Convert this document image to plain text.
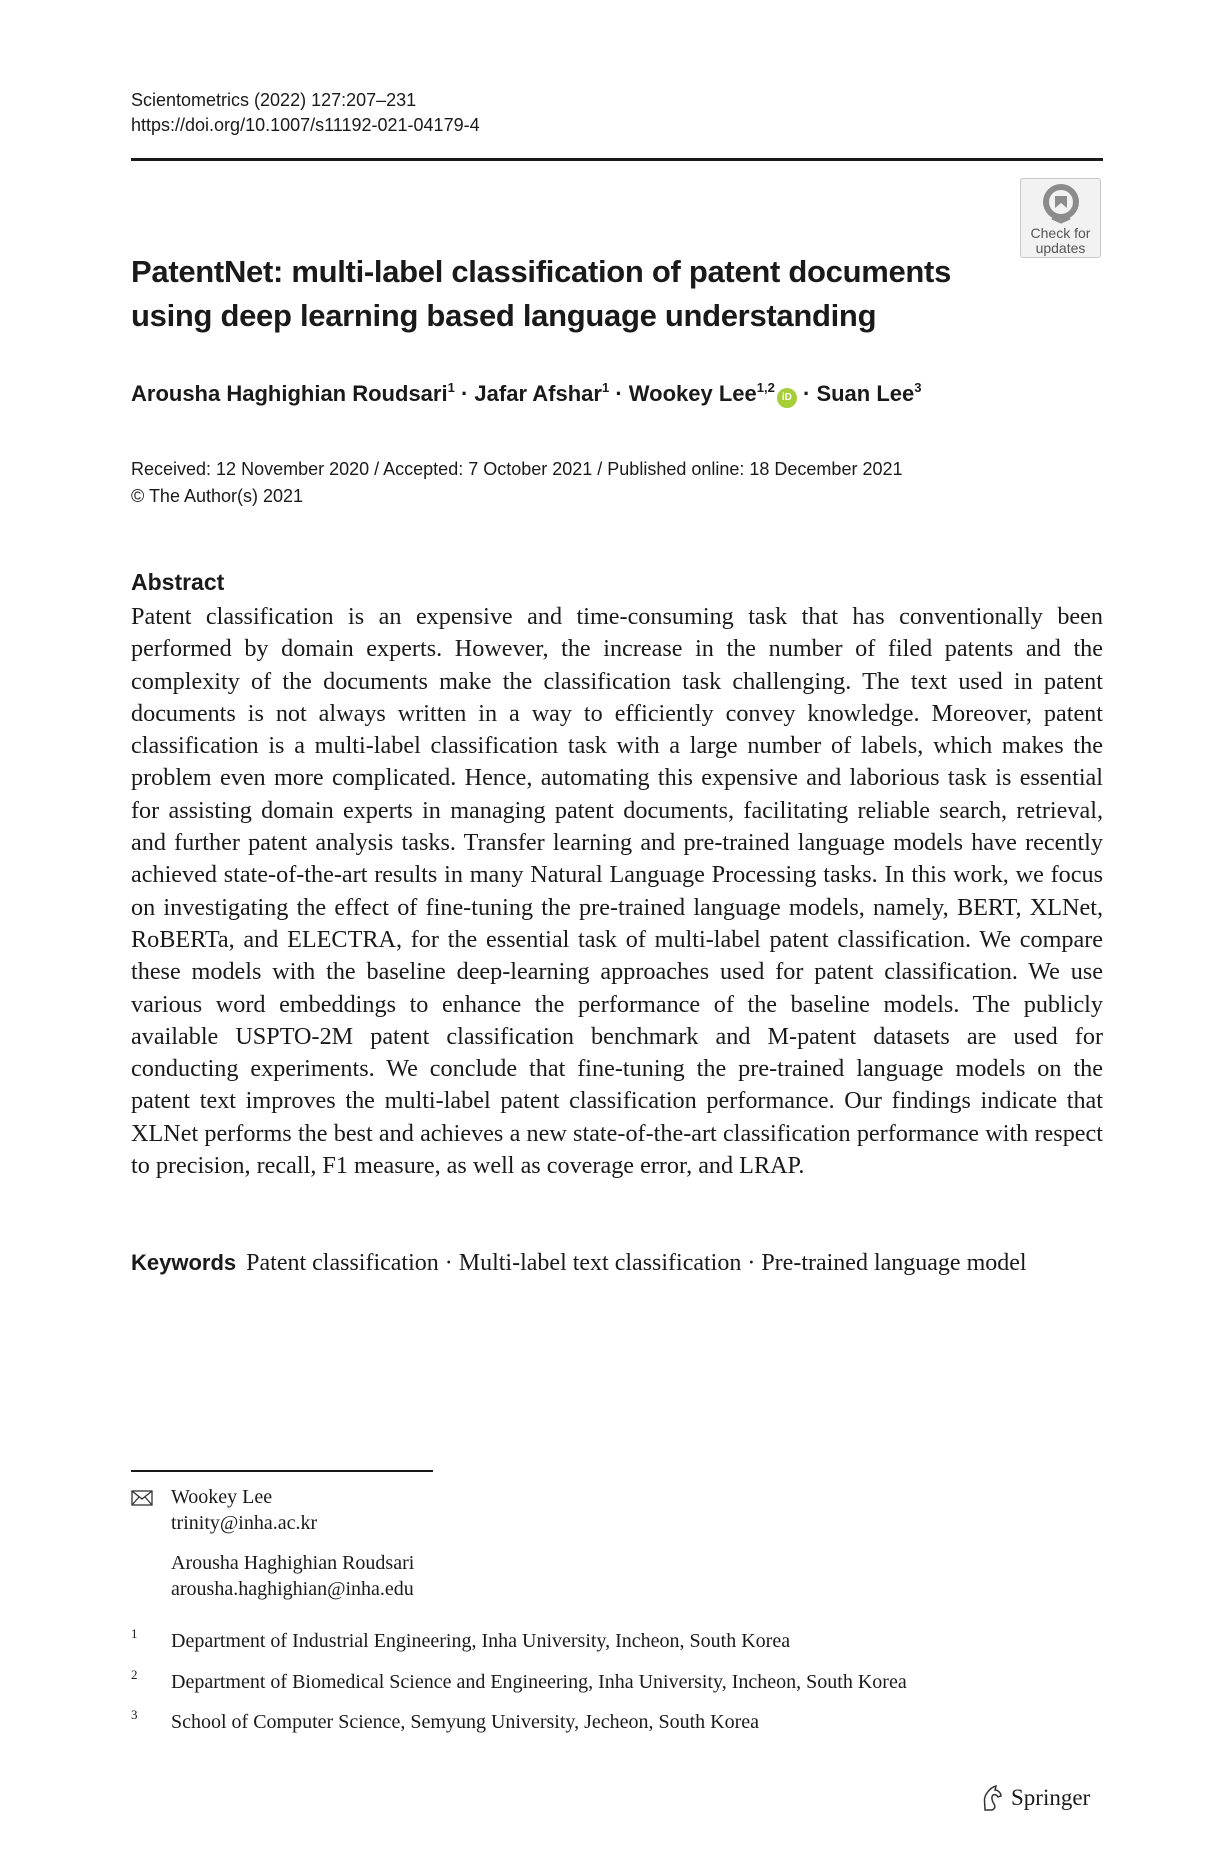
Scientometrics (2022) 127:207–231
https://doi.org/10.1007/s11192-021-04179-4
Check for
updates
PatentNet: multi-label classification of patent documents using deep learning based language understanding
Arousha Haghighian Roudsari$^1$ · Jafar Afshar$^1$ · Wookey Lee$^{1,2}$iD · Suan Lee$^3$
Received: 12 November 2020 / Accepted: 7 October 2021 / Published online: 18 December 2021
© The Author(s) 2021
Abstract

Patent classification is an expensive and time-consuming task that has conventionally been performed by domain experts. However, the increase in the number of filed patents and the complexity of the documents make the classification task challenging. The text used in patent documents is not always written in a way to efficiently convey knowledge. Moreover, patent classification is a multi-label classification task with a large number of labels, which makes the problem even more complicated. Hence, automating this expensive and laborious task is essential for assisting domain experts in managing patent documents, facilitating reliable search, retrieval, and further patent analysis tasks. Transfer learning and pre-trained language models have recently achieved state-of-the-art results in many Natural Language Processing tasks. In this work, we focus on investigating the effect of fine-tuning the pre-trained language models, namely, BERT, XLNet, RoBERTa, and ELECTRA, for the essential task of multi-label patent classification. We compare these models with the baseline deep-learning approaches used for patent classification. We use various word embeddings to enhance the performance of the baseline models. The publicly available USPTO-2M patent classification benchmark and M-patent datasets are used for conducting experiments. We conclude that fine-tuning the pre-trained language models on the patent text improves the multi-label patent classification performance. Our findings indicate that XLNet performs the best and achieves a new state-of-the-art classification performance with respect to precision, recall, F1 measure, as well as coverage error, and LRAP.

Keywords Patent classification · Multi-label text classification · Pre-trained language model
Wookey Lee
trinity@inha.ac.kr
Arousha Haghighian Roudsari
arousha.haghighian@inha.edu
1 Department of Industrial Engineering, Inha University, Incheon, South Korea
2 Department of Biomedical Science and Engineering, Inha University, Incheon, South Korea
3 School of Computer Science, Semyung University, Jecheon, South Korea
Springer
